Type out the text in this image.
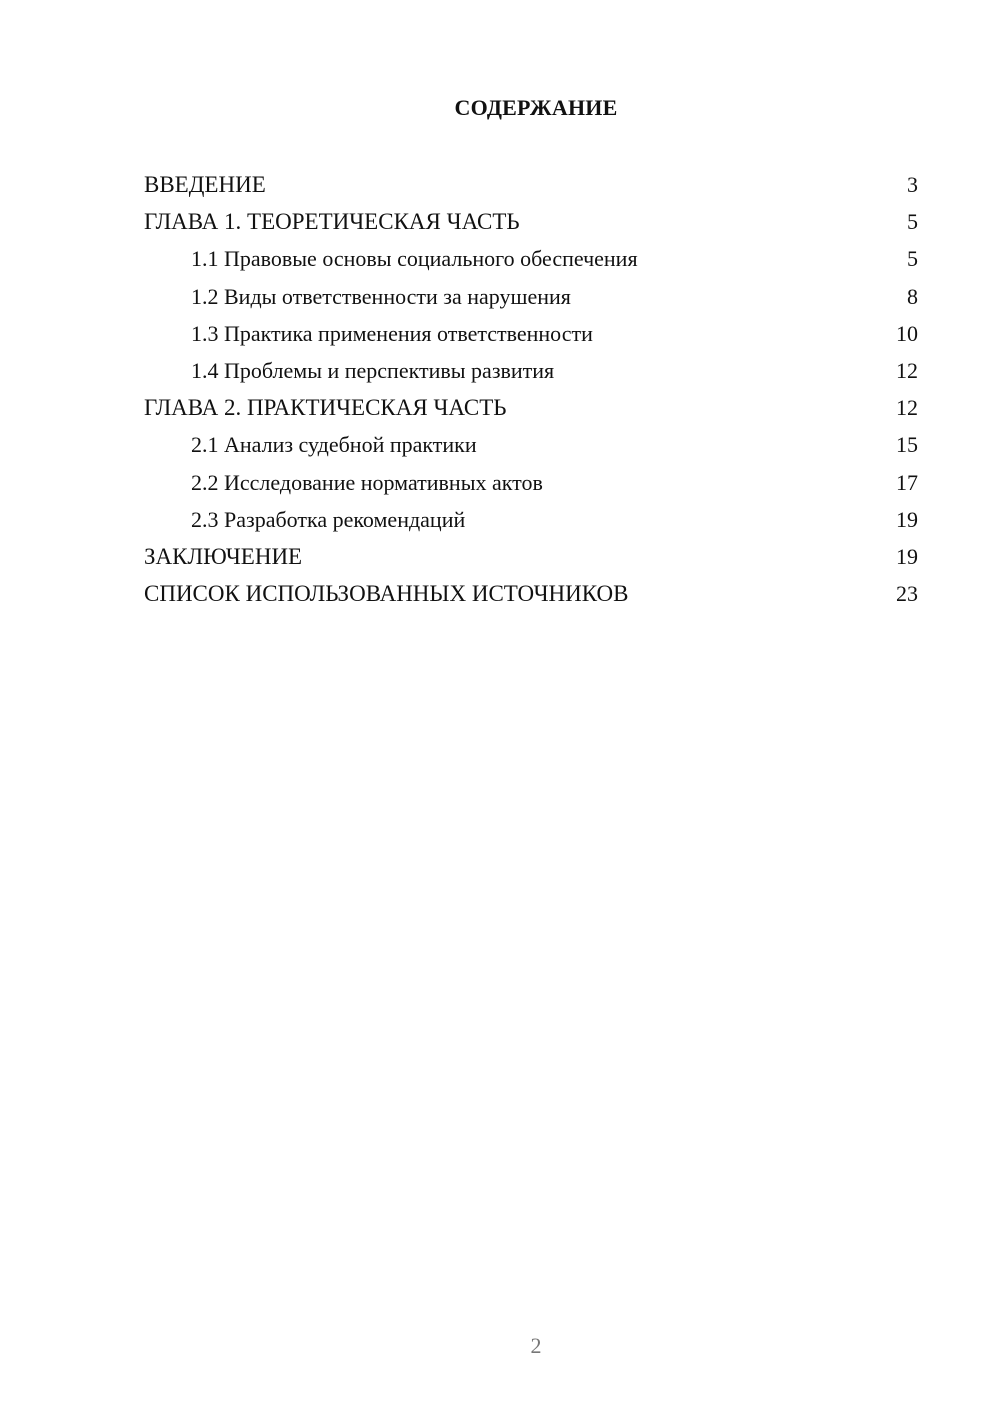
СОДЕРЖАНИЕ
ВВЕДЕНИЕ	3
ГЛАВА 1. ТЕОРЕТИЧЕСКАЯ ЧАСТЬ	5
1.1 Правовые основы социального обеспечения	5
1.2 Виды ответственности за нарушения	8
1.3 Практика применения ответственности	10
1.4 Проблемы и перспективы развития	12
ГЛАВА 2. ПРАКТИЧЕСКАЯ ЧАСТЬ	12
2.1 Анализ судебной практики	15
2.2 Исследование нормативных актов	17
2.3 Разработка рекомендаций	19
ЗАКЛЮЧЕНИЕ	19
СПИСОК ИСПОЛЬЗОВАННЫХ ИСТОЧНИКОВ	23
2
